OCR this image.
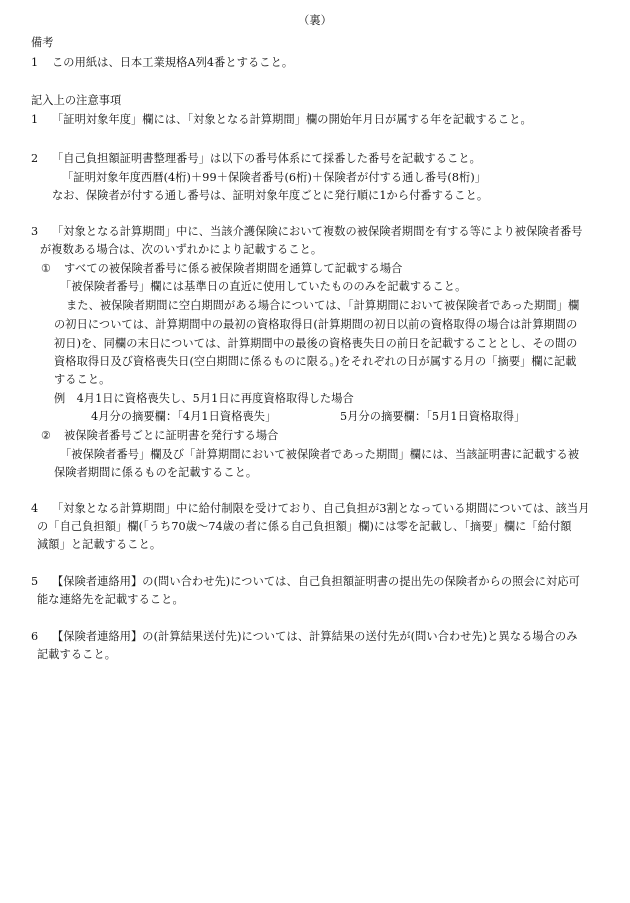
（裏）
備考
1 この用紙は、日本工業規格A列4番とすること。
記入上の注意事項
1 「証明対象年度」欄には、「対象となる計算期間」欄の開始年月日が属する年を記載すること。
2 「自己負担額証明書整理番号」は以下の番号体系にて採番した番号を記載すること。
「証明対象年度西暦(4桁)＋99＋保険者番号(6桁)＋保険者が付する通し番号(8桁)」
なお、保険者が付する通し番号は、証明対象年度ごとに発行順に1から付番すること。
3 「対象となる計算期間」中に、当該介護保険において複数の被保険者期間を有する等により被保険者番号
が複数ある場合は、次のいずれかにより記載すること。
① すべての被保険者番号に係る被保険者期間を通算して記載する場合
「被保険者番号」欄には基準日の直近に使用していたもののみを記載すること。
また、被保険者期間に空白期間がある場合については、「計算期間において被保険者であった期間」欄
の初日については、計算期間中の最初の資格取得日(計算期間の初日以前の資格取得の場合は計算期間の
初日)を、同欄の末日については、計算期間中の最後の資格喪失日の前日を記載することとし、その間の
資格取得日及び資格喪失日(空白期間に係るものに限る。)をそれぞれの日が属する月の「摘要」欄に記載
すること。
例　4月1日に資格喪失し、5月1日に再度資格取得した場合
4月分の摘要欄：「4月1日資格喪失」	5月分の摘要欄：「5月1日資格取得」
② 被保険者番号ごとに証明書を発行する場合
「被保険者番号」欄及び「計算期間において被保険者であった期間」欄には、当該証明書に記載する被
保険者期間に係るものを記載すること。
4 「対象となる計算期間」中に給付制限を受けており、自己負担が3割となっている期間については、該当月
の「自己負担額」欄(「うち70歳～74歳の者に係る自己負担額」欄)には零を記載し、「摘要」欄に「給付額
減額」と記載すること。
5 【保険者連絡用】の(問い合わせ先)については、自己負担額証明書の提出先の保険者からの照会に対応可
能な連絡先を記載すること。
6 【保険者連絡用】の(計算結果送付先)については、計算結果の送付先が(問い合わせ先)と異なる場合のみ
記載すること。
